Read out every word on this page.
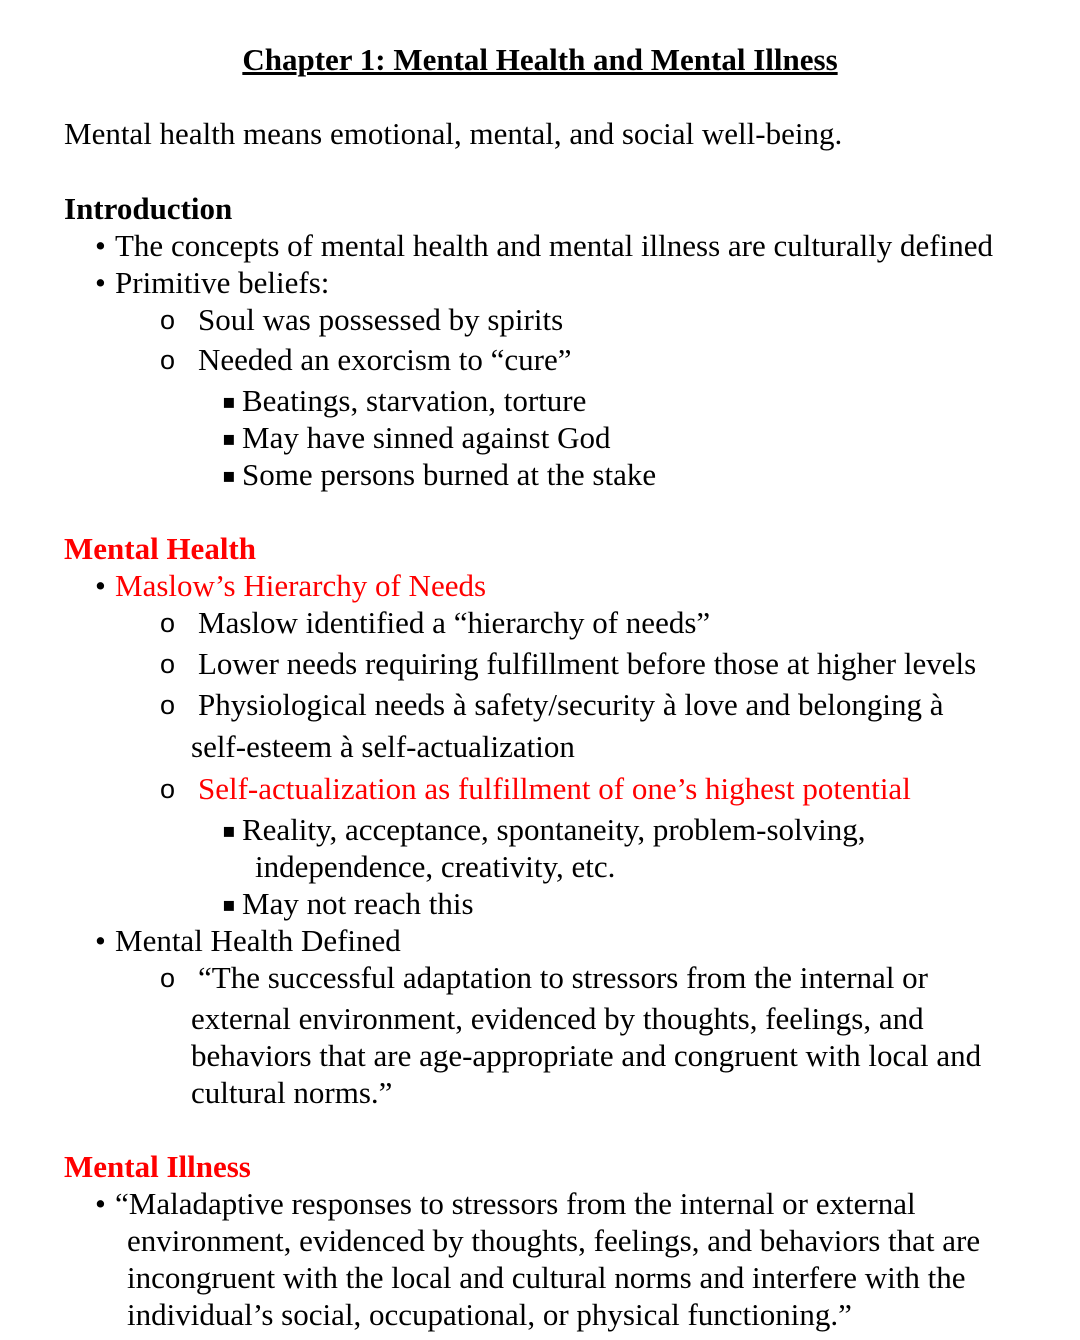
Chapter 1: Mental Health and Mental Illness
Mental health means emotional, mental, and social well-being.
Introduction
• The concepts of mental health and mental illness are culturally defined
• Primitive beliefs:
o Soul was possessed by spirits
o Needed an exorcism to “cure”
▪ Beatings, starvation, torture
▪ May have sinned against God
▪ Some persons burned at the stake
Mental Health
• Maslow’s Hierarchy of Needs
o Maslow identified a “hierarchy of needs”
o Lower needs requiring fulfillment before those at higher levels
o Physiological needs à safety/security à love and belonging à
self-esteem à self-actualization
o Self-actualization as fulfillment of one’s highest potential
▪ Reality, acceptance, spontaneity, problem-solving,
independence, creativity, etc.
▪ May not reach this
• Mental Health Defined
o “The successful adaptation to stressors from the internal or
external environment, evidenced by thoughts, feelings, and
behaviors that are age-appropriate and congruent with local and
cultural norms.”
Mental Illness
• “Maladaptive responses to stressors from the internal or external
environment, evidenced by thoughts, feelings, and behaviors that are
incongruent with the local and cultural norms and interfere with the
individual’s social, occupational, or physical functioning.”
